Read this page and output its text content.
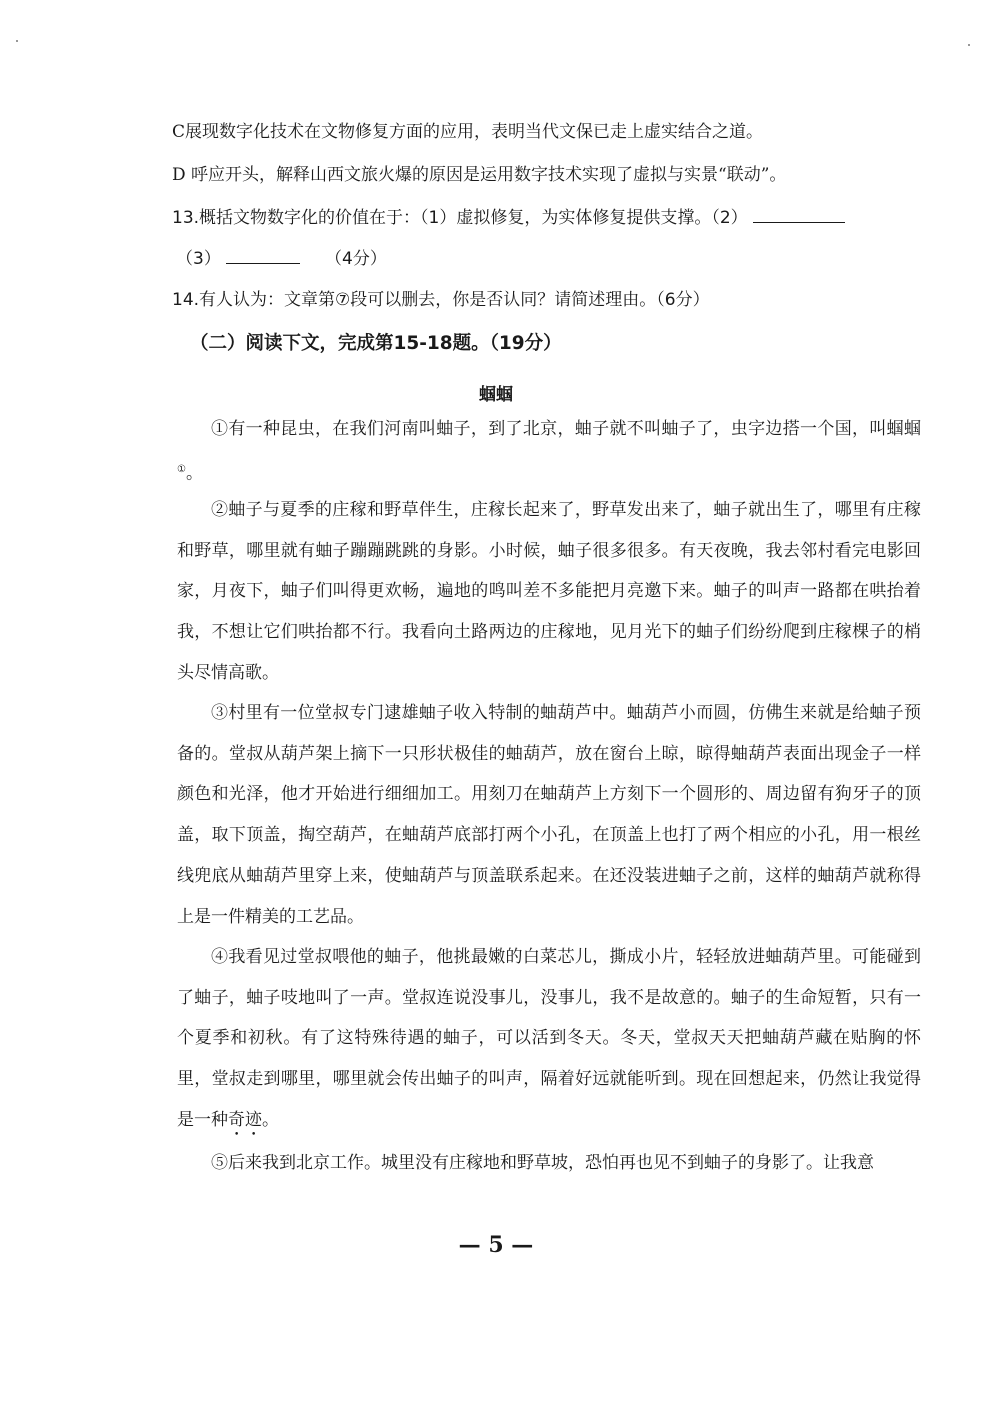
C展现数字化技术在文物修复方面的应用，表明当代文保已走上虚实结合之道。
D 呼应开头，解释山西文旅火爆的原因是运用数字技术实现了虚拟与实景“联动”。
13.概括文物数字化的价值在于：（1）虚拟修复，为实体修复提供支撑。（2）
（3）	（4分）
14.有人认为：文章第⑦段可以删去，你是否认同？请简述理由。（6分）
（二）阅读下文，完成第15-18题。（19分）
蝈蝈

①有一种昆虫，在我们河南叫蚰子，到了北京，蚰子就不叫蚰子了，虫字边搭一个国，叫蝈蝈①。

②蚰子与夏季的庄稼和野草伴生，庄稼长起来了，野草发出来了，蚰子就出生了，哪里有庄稼和野草，哪里就有蚰子蹦蹦跳跳的身影。小时候，蚰子很多很多。有天夜晚，我去邻村看完电影回家，月夜下，蚰子们叫得更欢畅，遍地的鸣叫差不多能把月亮邀下来。蚰子的叫声一路都在哄抬着我，不想让它们哄抬都不行。我看向土路两边的庄稼地，见月光下的蚰子们纷纷爬到庄稼棵子的梢头尽情高歌。

③村里有一位堂叔专门逮雄蚰子收入特制的蚰葫芦中。蚰葫芦小而圆，仿佛生来就是给蚰子预备的。堂叔从葫芦架上摘下一只形状极佳的蚰葫芦，放在窗台上晾，晾得蚰葫芦表面出现金子一样颜色和光泽，他才开始进行细细加工。用刻刀在蚰葫芦上方刻下一个圆形的、周边留有狗牙子的顶盖，取下顶盖，掏空葫芦，在蚰葫芦底部打两个小孔，在顶盖上也打了两个相应的小孔，用一根丝线兜底从蚰葫芦里穿上来，使蚰葫芦与顶盖联系起来。在还没装进蚰子之前，这样的蚰葫芦就称得上是一件精美的工艺品。

④我看见过堂叔喂他的蚰子，他挑最嫩的白菜芯儿，撕成小片，轻轻放进蚰葫芦里。可能碰到了蚰子，蚰子吱地叫了一声。堂叔连说没事儿，没事儿，我不是故意的。蚰子的生命短暂，只有一个夏季和初秋。有了这特殊待遇的蚰子，可以活到冬天。冬天，堂叔天天把蚰葫芦藏在贴胸的怀里，堂叔走到哪里，哪里就会传出蚰子的叫声，隔着好远就能听到。现在回想起来，仍然让我觉得是一种奇迹。

⑤后来我到北京工作。城里没有庄稼地和野草坡，恐怕再也见不到蚰子的身影了。让我意

— 5 —
